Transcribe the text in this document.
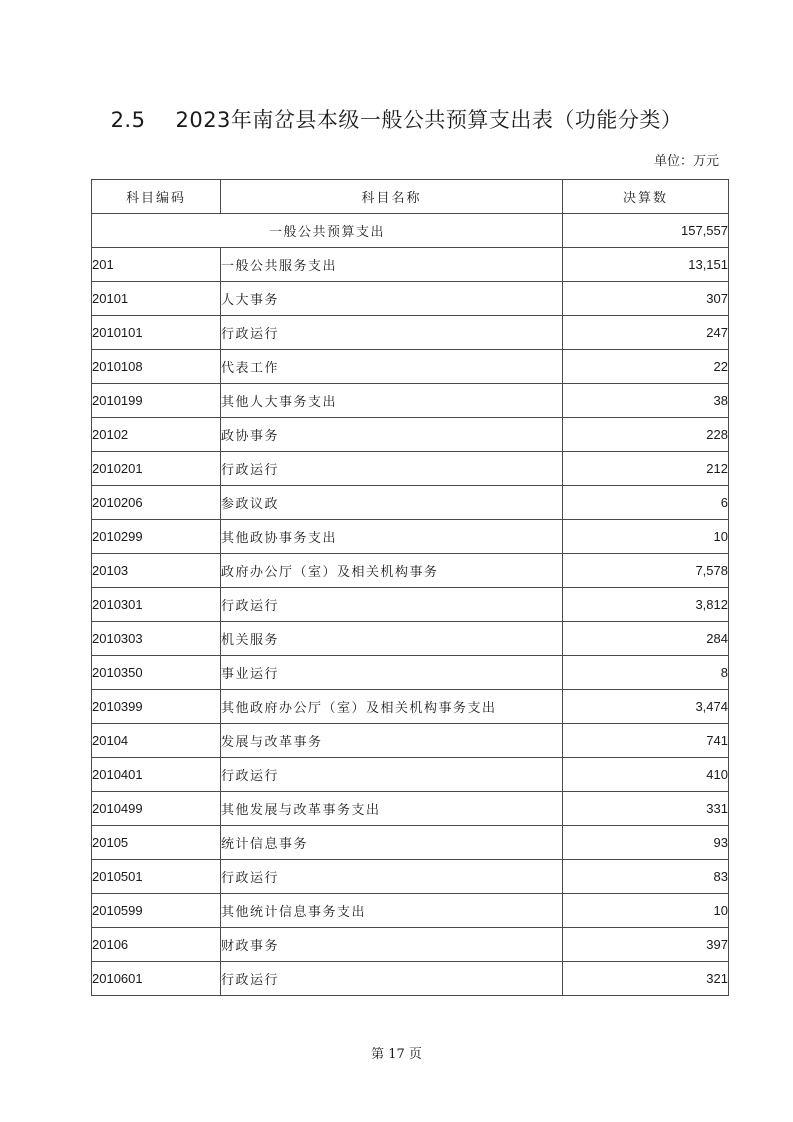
2.5 2023年南岔县本级一般公共预算支出表（功能分类）
单位：万元
科目编码	科目名称	决算数
一般公共预算支出		157,557
201	一般公共服务支出	13,151
20101	人大事务	307
2010101	行政运行	247
2010108	代表工作	22
2010199	其他人大事务支出	38
20102	政协事务	228
2010201	行政运行	212
2010206	参政议政	6
2010299	其他政协事务支出	10
20103	政府办公厅（室）及相关机构事务	7,578
2010301	行政运行	3,812
2010303	机关服务	284
2010350	事业运行	8
2010399	其他政府办公厅（室）及相关机构事务支出	3,474
20104	发展与改革事务	741
2010401	行政运行	410
2010499	其他发展与改革事务支出	331
20105	统计信息事务	93
2010501	行政运行	83
2010599	其他统计信息事务支出	10
20106	财政事务	397
2010601	行政运行	321
第 17 页
